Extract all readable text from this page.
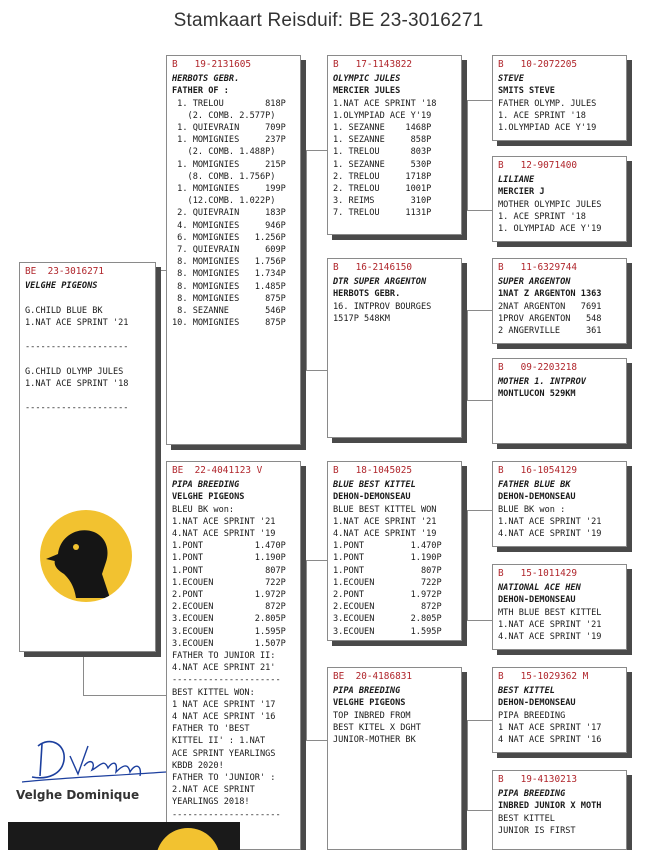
Stamkaart Reisduif: BE 23-3016271
BE  23-3016271
VELGHE PIGEONS

G.CHILD BLUE BK
1.NAT ACE SPRINT '21

--------------------

G.CHILD OLYMP JULES
1.NAT ACE SPRINT '18

--------------------
B   19-2131605
HERBOTS GEBR.
FATHER OF :
1. TRELOU        818P
(2. COMB. 2.577P)
1. QUIEVRAIN     709P
1. MOMIGNIES     237P
(2. COMB. 1.488P)
1. MOMIGNIES     215P
(8. COMB. 1.756P)
1. MOMIGNIES     199P
(12.COMB. 1.022P)
2. QUIEVRAIN     183P
4. MOMIGNIES     946P
6. MOMIGNIES   1.256P
7. QUIEVRAIN     609P
8. MOMIGNIES   1.756P
8. MOMIGNIES   1.734P
8. MOMIGNIES   1.485P
8. MOMIGNIES     875P
8. SEZANNE       546P
10. MOMIGNIES     875P
BE  22-4041123 V
PIPA BREEDING
VELGHE PIGEONS
BLEU BK won:
1.NAT ACE SPRINT '21
4.NAT ACE SPRINT '19
1.PONT          1.470P
1.PONT          1.190P
1.PONT            807P
1.ECOUEN          722P
2.PONT          1.972P
2.ECOUEN          872P
3.ECOUEN        2.805P
3.ECOUEN        1.595P
3.ECOUEN        1.507P
FATHER TO JUNIOR II:
4.NAT ACE SPRINT 21'
---------------------
BEST KITTEL WON:
1 NAT ACE SPRINT '17
4 NAT ACE SPRINT '16
FATHER TO 'BEST
KITTEL II' : 1.NAT
ACE SPRINT YEARLINGS
KBDB 2020!
FATHER TO 'JUNIOR' :
2.NAT ACE SPRINT
YEARLINGS 2018!
---------------------
B   17-1143822
OLYMPIC JULES
MERCIER JULES
1.NAT ACE SPRINT '18
1.OLYMPIAD ACE Y'19
1. SEZANNE    1468P
1. SEZANNE     858P
1. TRELOU      803P
1. SEZANNE     530P
2. TRELOU     1718P
2. TRELOU     1001P
3. REIMS       310P
7. TRELOU     1131P
B   16-2146150
DTR SUPER ARGENTON
HERBOTS GEBR.
16. INTPROV BOURGES
1517P 548KM
B   18-1045025
BLUE BEST KITTEL
DEHON-DEMONSEAU
BLUE BEST KITTEL WON
1.NAT ACE SPRINT '21
4.NAT ACE SPRINT '19
1.PONT         1.470P
1.PONT         1.190P
1.PONT           807P
1.ECOUEN         722P
2.PONT         1.972P
2.ECOUEN         872P
3.ECOUEN       2.805P
3.ECOUEN       1.595P
BE  20-4186831
PIPA BREEDING
VELGHE PIGEONS
TOP INBRED FROM
BEST KITEL X DGHT
JUNIOR-MOTHER BK
B   10-2072205
STEVE
SMITS STEVE
FATHER OLYMP. JULES
1. ACE SPRINT '18
1.OLYMPIAD ACE Y'19
B   12-9071400
LILIANE
MERCIER J
MOTHER OLYMPIC JULES
1. ACE SPRINT '18
1. OLYMPIAD ACE Y'19
B   11-6329744
SUPER ARGENTON
1NAT Z ARGENTON 1363
2NAT ARGENTON   7691
1PROV ARGENTON   548
2 ANGERVILLE     361
B   09-2203218
MOTHER 1. INTPROV
MONTLUCON 529KM
B   16-1054129
FATHER BLUE BK
DEHON-DEMONSEAU
BLUE BK won :
1.NAT ACE SPRINT '21
4.NAT ACE SPRINT '19
B   15-1011429
NATIONAL ACE HEN
DEHON-DEMONSEAU
MTH BLUE BEST KITTEL
1.NAT ACE SPRINT '21
4.NAT ACE SPRINT '19
B   15-1029362 M
BEST KITTEL
DEHON-DEMONSEAU
PIPA BREEDING
1 NAT ACE SPRINT '17
4 NAT ACE SPRINT '16
B   19-4130213
PIPA BREEDING
INBRED JUNIOR X MOTH
BEST KITTEL
JUNIOR IS FIRST
Velghe Dominique
